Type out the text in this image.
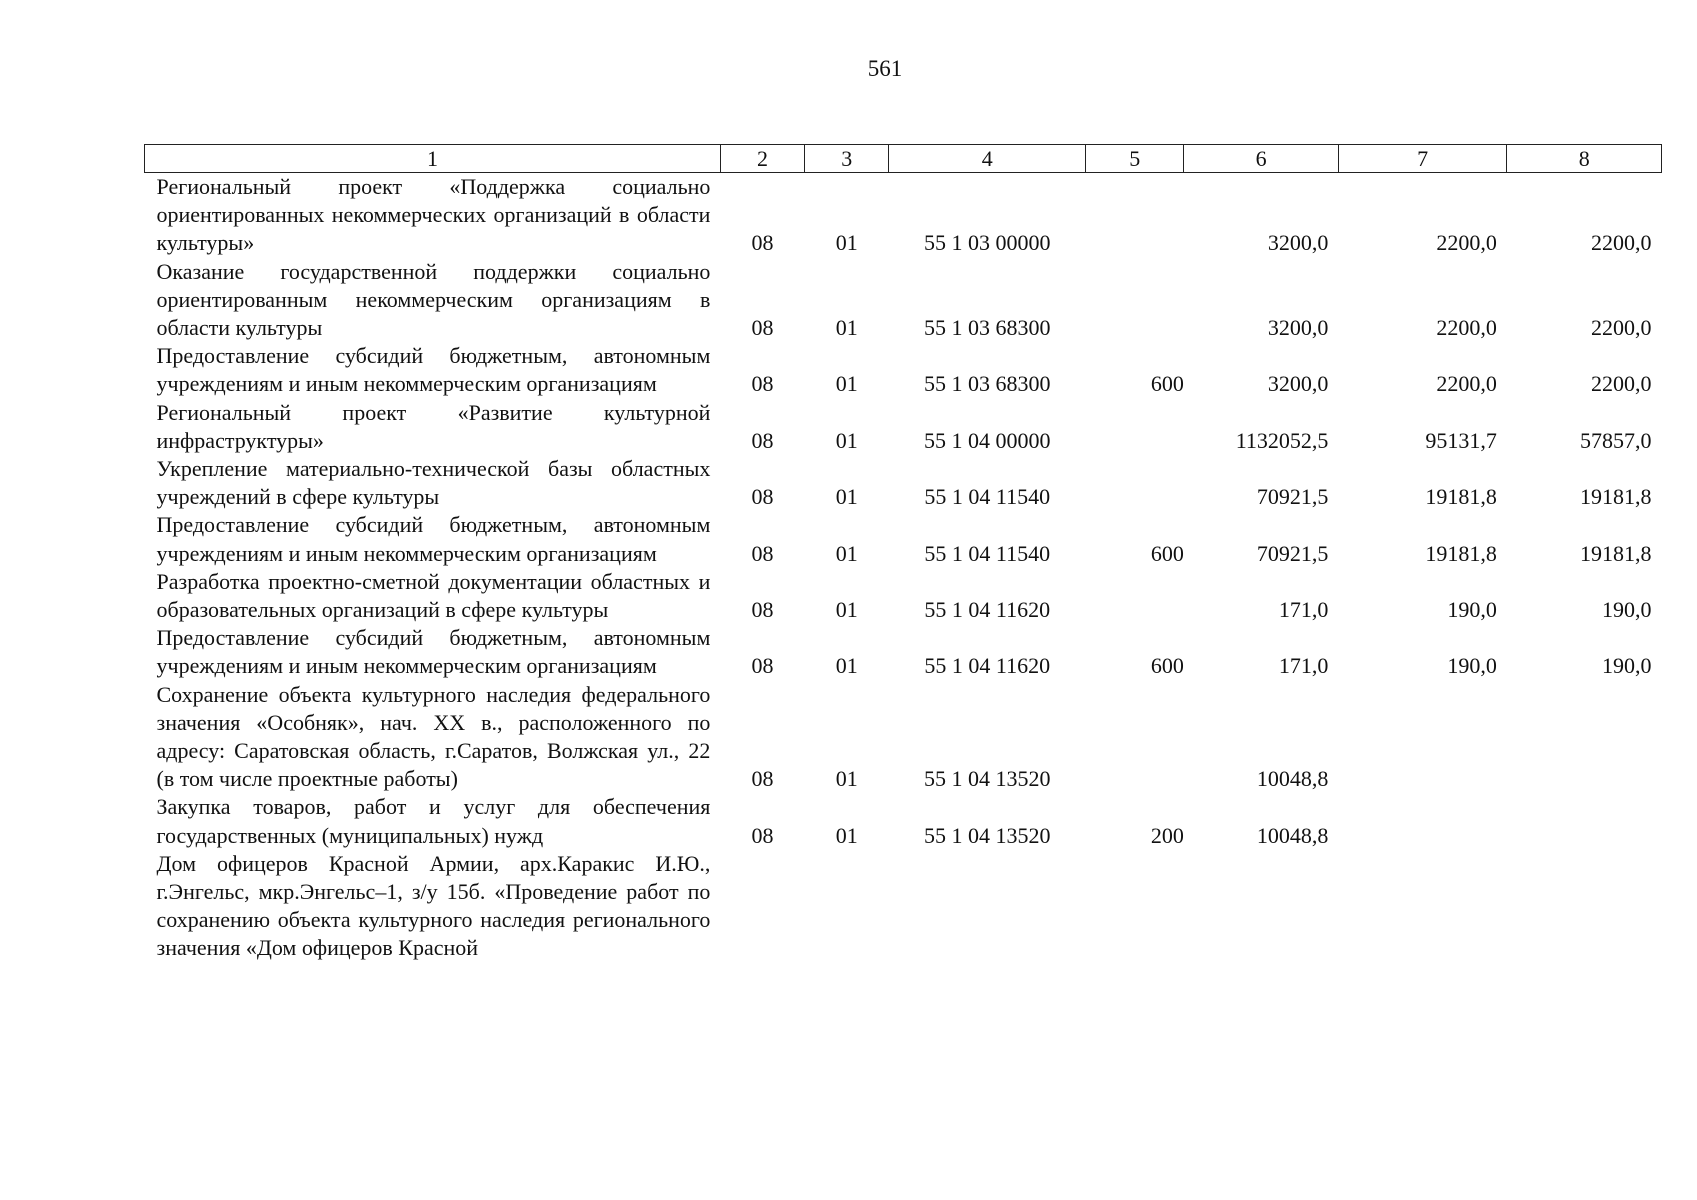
561
1	2	3	4	5	6	7	8
Региональный проект «Поддержка социально ориентированных некоммерческих организаций в области культуры»	08	01	55 1 03 00000		3200,0	2200,0	2200,0
Оказание государственной поддержки социально ориентированным некоммерческим организациям в области культуры	08	01	55 1 03 68300		3200,0	2200,0	2200,0
Предоставление субсидий бюджетным, автономным учреждениям и иным некоммерческим организациям	08	01	55 1 03 68300	600	3200,0	2200,0	2200,0
Региональный проект «Развитие культурной инфраструктуры»	08	01	55 1 04 00000		1132052,5	95131,7	57857,0
Укрепление материально-технической базы областных учреждений в сфере культуры	08	01	55 1 04 11540		70921,5	19181,8	19181,8
Предоставление субсидий бюджетным, автономным учреждениям и иным некоммерческим организациям	08	01	55 1 04 11540	600	70921,5	19181,8	19181,8
Разработка проектно-сметной документации областных и образовательных организаций в сфере культуры	08	01	55 1 04 11620		171,0	190,0	190,0
Предоставление субсидий бюджетным, автономным учреждениям и иным некоммерческим организациям	08	01	55 1 04 11620	600	171,0	190,0	190,0
Сохранение объекта культурного наследия федерального значения «Особняк», нач. XX в., расположенного по адресу: Саратовская область, г.Саратов, Волжская ул., 22 (в том числе проектные работы)	08	01	55 1 04 13520		10048,8		
Закупка товаров, работ и услуг для обеспечения государственных (муниципальных) нужд	08	01	55 1 04 13520	200	10048,8		
Дом офицеров Красной Армии, арх.Каракис И.Ю., г.Энгельс, мкр.Энгельс–1, з/у 15б. «Проведение работ по сохранению объекта культурного наследия регионального значения «Дом офицеров Красной							
